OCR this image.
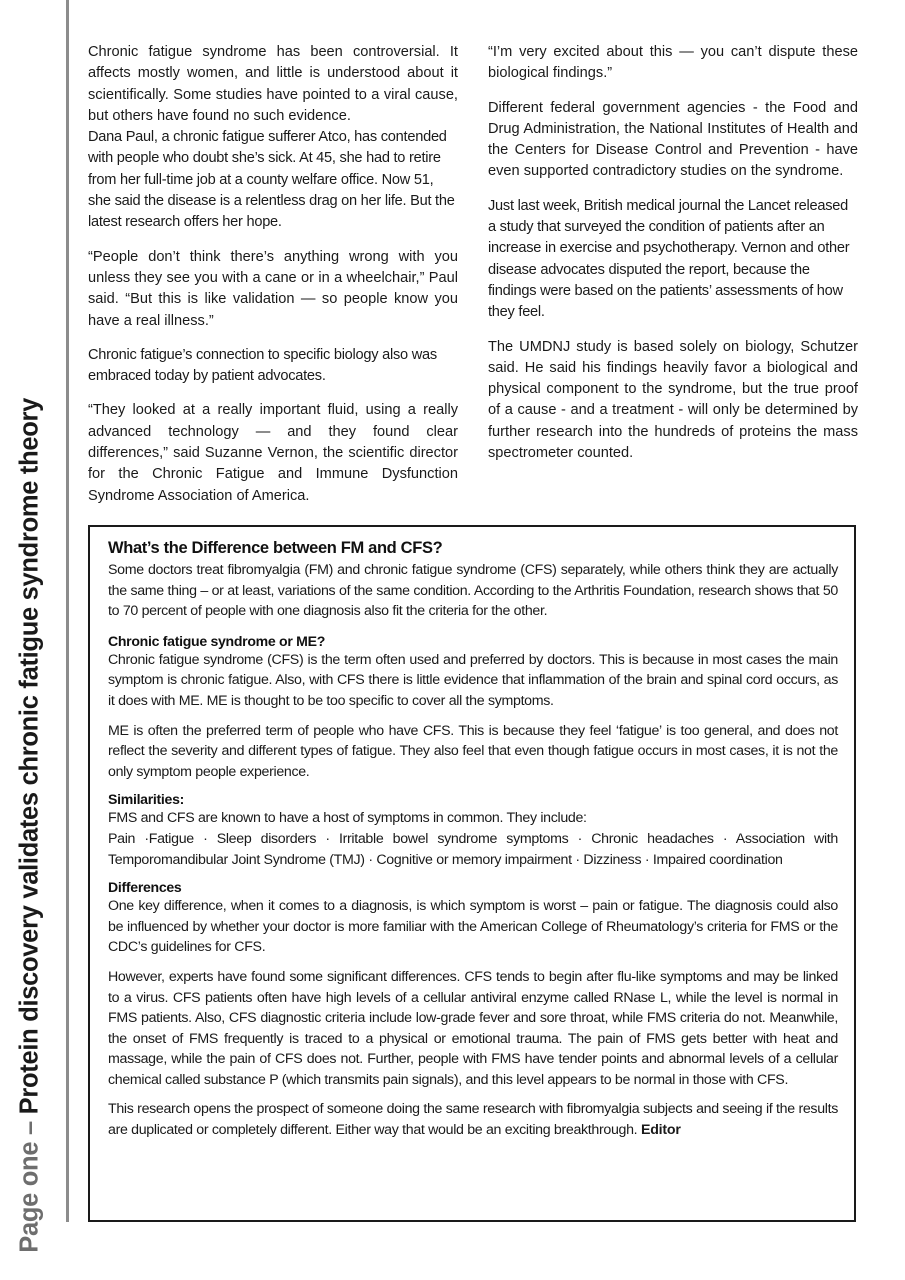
Page one – Protein discovery validates chronic fatigue syndrome theory

Chronic fatigue syndrome has been controversial. It affects mostly women, and little is understood about it scientifically. Some studies have pointed to a viral cause, but others have found no such evidence.

Dana Paul, a chronic fatigue sufferer Atco, has contended with people who doubt she’s sick. At 45, she had to retire from her full-time job at a county welfare office. Now 51, she said the disease is a relentless drag on her life. But the latest research offers her hope.

“People don’t think there’s anything wrong with you unless they see you with a cane or in a wheelchair,” Paul said. “But this is like validation — so people know you have a real illness.”

Chronic fatigue’s connection to specific biology also was embraced today by patient advocates.

“They looked at a really important fluid, using a really advanced technology — and they found clear differences,” said Suzanne Vernon, the scientific director for the Chronic Fatigue and Immune Dysfunction Syndrome Association of America.

“I’m very excited about this — you can’t dispute these biological findings.”

Different federal government agencies - the Food and Drug Administration, the National Institutes of Health and the Centers for Disease Control and Prevention - have even supported contradictory studies on the syndrome.

Just last week, British medical journal the Lancet released a study that surveyed the condition of patients after an increase in exercise and psychotherapy. Vernon and other disease advocates disputed the report, because the findings were based on the patients’ assessments of how they feel.

The UMDNJ study is based solely on biology, Schutzer said. He said his findings heavily favor a biological and physical component to the syndrome, but the true proof of a cause - and a treatment - will only be determined by further research into the hundreds of proteins the mass spectrometer counted.

What’s the Difference between FM and CFS?

Some doctors treat fibromyalgia (FM) and chronic fatigue syndrome (CFS) separately, while others think they are actually the same thing – or at least, variations of the same condition. According to the Arthritis Foundation, research shows that 50 to 70 percent of people with one diagnosis also fit the criteria for the other.

Chronic fatigue syndrome or ME?

Chronic fatigue syndrome (CFS) is the term often used and preferred by doctors. This is because in most cases the main symptom is chronic fatigue. Also, with CFS there is little evidence that inflammation of the brain and spinal cord occurs, as it does with ME. ME is thought to be too specific to cover all the symptoms.

ME is often the preferred term of people who have CFS. This is because they feel ‘fatigue’ is too general, and does not reflect the severity and different types of fatigue. They also feel that even though fatigue occurs in most cases, it is not the only symptom people experience.

Similarities:

FMS and CFS are known to have a host of symptoms in common. They include:

Pain ·Fatigue · Sleep disorders · Irritable bowel syndrome symptoms · Chronic headaches · Association with Temporomandibular Joint Syndrome (TMJ) · Cognitive or memory impairment · Dizziness · Impaired coordination

Differences

One key difference, when it comes to a diagnosis, is which symptom is worst – pain or fatigue. The diagnosis could also be influenced by whether your doctor is more familiar with the American College of Rheumatology’s criteria for FMS or the CDC’s guidelines for CFS.

However, experts have found some significant differences. CFS tends to begin after flu-like symptoms and may be linked to a virus. CFS patients often have high levels of a cellular antiviral enzyme called RNase L, while the level is normal in FMS patients. Also, CFS diagnostic criteria include low-grade fever and sore throat, while FMS criteria do not. Meanwhile, the onset of FMS frequently is traced to a physical or emotional trauma. The pain of FMS gets better with heat and massage, while the pain of CFS does not. Further, people with FMS have tender points and abnormal levels of a cellular chemical called substance P (which transmits pain signals), and this level appears to be normal in those with CFS.

This research opens the prospect of someone doing the same research with fibromyalgia subjects and seeing if the results are duplicated or completely different. Either way that would be an exciting breakthrough. Editor
